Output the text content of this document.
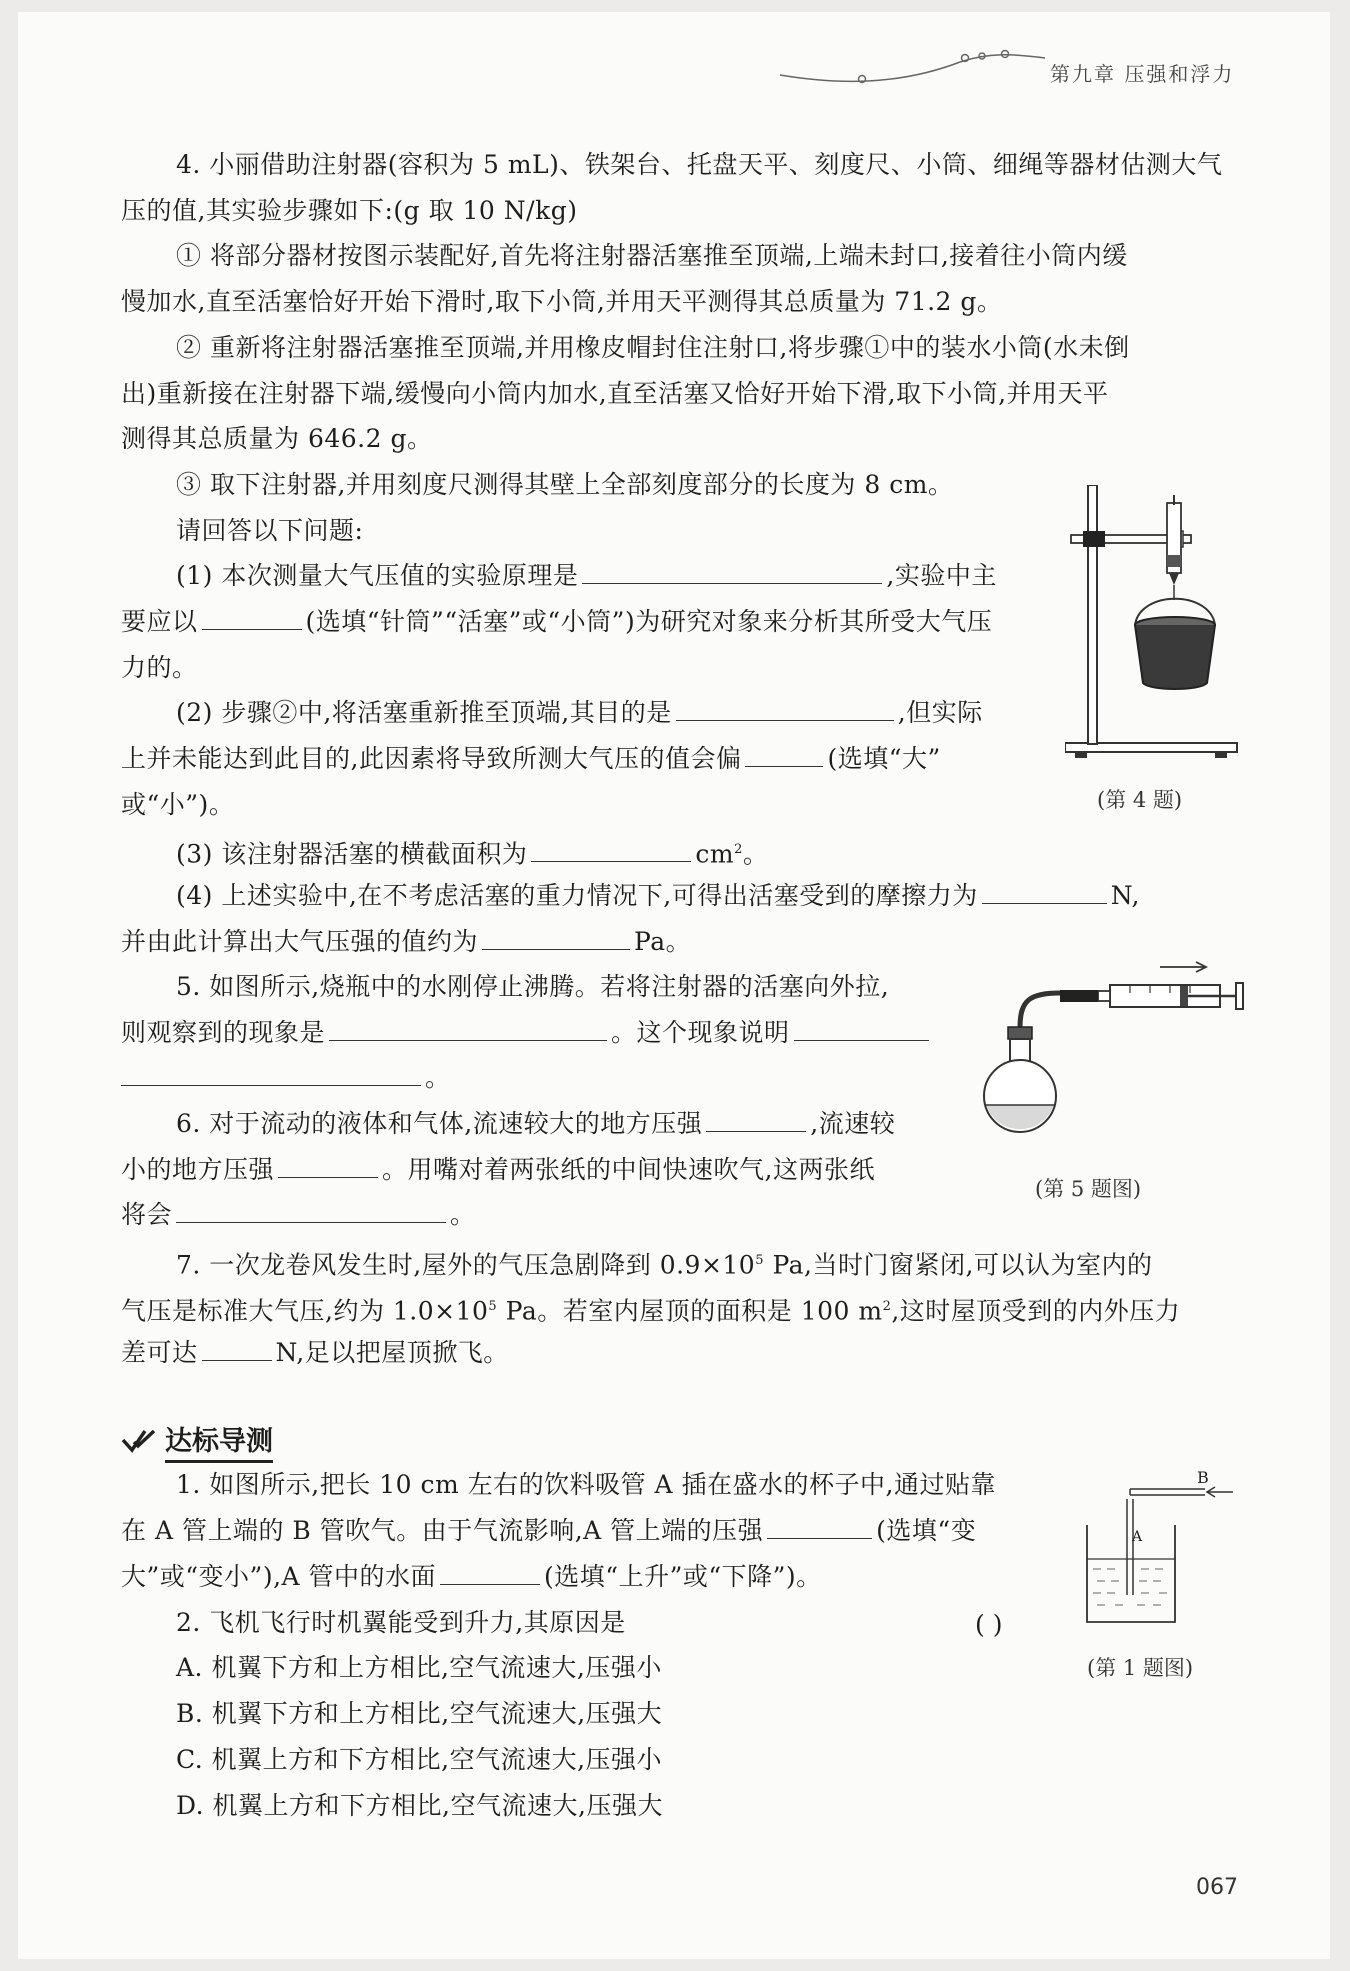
第九章 压强和浮力
4. 小丽借助注射器(容积为 5 mL)、铁架台、托盘天平、刻度尺、小筒、细绳等器材估测大气
压的值,其实验步骤如下:(g 取 10 N/kg)
① 将部分器材按图示装配好,首先将注射器活塞推至顶端,上端未封口,接着往小筒内缓
慢加水,直至活塞恰好开始下滑时,取下小筒,并用天平测得其总质量为 71.2 g。
② 重新将注射器活塞推至顶端,并用橡皮帽封住注射口,将步骤①中的装水小筒(水未倒
出)重新接在注射器下端,缓慢向小筒内加水,直至活塞又恰好开始下滑,取下小筒,并用天平
测得其总质量为 646.2 g。
③ 取下注射器,并用刻度尺测得其壁上全部刻度部分的长度为 8 cm。
请回答以下问题:
(1) 本次测量大气压值的实验原理是	,实验中主
要应以	(选填“针筒”“活塞”或“小筒”)为研究对象来分析其所受大气压
力的。
(2) 步骤②中,将活塞重新推至顶端,其目的是	,但实际
上并未能达到此目的,此因素将导致所测大气压的值会偏	(选填“大”
或“小”)。
(3) 该注射器活塞的横截面积为	$cm^2$。
(4) 上述实验中,在不考虑活塞的重力情况下,可得出活塞受到的摩擦力为	N,
并由此计算出大气压强的值约为	Pa。
(第 4 题)
5. 如图所示,烧瓶中的水刚停止沸腾。若将注射器的活塞向外拉,
则观察到的现象是	。这个现象说明
。
(第 5 题图)
6. 对于流动的液体和气体,流速较大的地方压强	,流速较
小的地方压强	。用嘴对着两张纸的中间快速吹气,这两张纸
将会	。
7. 一次龙卷风发生时,屋外的气压急剧降到 $0.9\times 10^5$ Pa,当时门窗紧闭,可以认为室内的
气压是标准大气压,约为 $1.0\times 10^5$ Pa。若室内屋顶的面积是 100 $m^2$,这时屋顶受到的内外压力
差可达	N,足以把屋顶掀飞。
达标导测
1. 如图所示,把长 10 cm 左右的饮料吸管 A 插在盛水的杯子中,通过贴靠
在 A 管上端的 B 管吹气。由于气流影响,A 管上端的压强	(选填“变
大”或“变小”),A 管中的水面	(选填“上升”或“下降”)。
B
A
(第 1 题图)
2. 飞机飞行时机翼能受到升力,其原因是	( )
A. 机翼下方和上方相比,空气流速大,压强小
B. 机翼下方和上方相比,空气流速大,压强大
C. 机翼上方和下方相比,空气流速大,压强小
D. 机翼上方和下方相比,空气流速大,压强大
067
